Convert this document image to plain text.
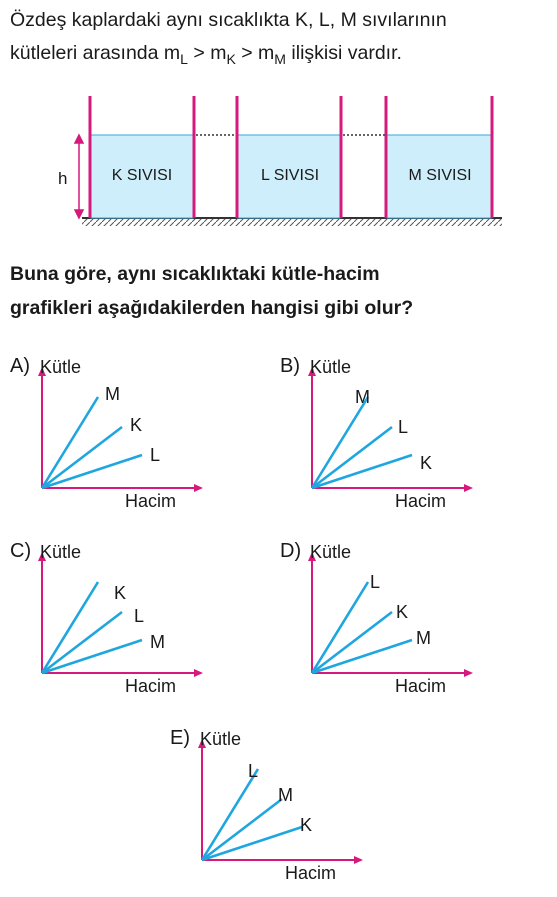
Özdeş kaplardaki aynı sıcaklıkta K, L, M sıvılarının

kütleleri arasında $m_L > m_K > m_M$ ilişkisi vardır.

h	K SIVISI	L SIVISI	M SIVISI

Buna göre, aynı sıcaklıktaki kütle-hacim

grafikleri aşağıdakilerden hangisi gibi olur?

A) Kütle
Hacim
M
K
L
B) Kütle
Hacim
M
L
K
C) Kütle
Hacim
K
L
M
D) Kütle
Hacim
L
K
M
E) Kütle
Hacim
L
M
K
